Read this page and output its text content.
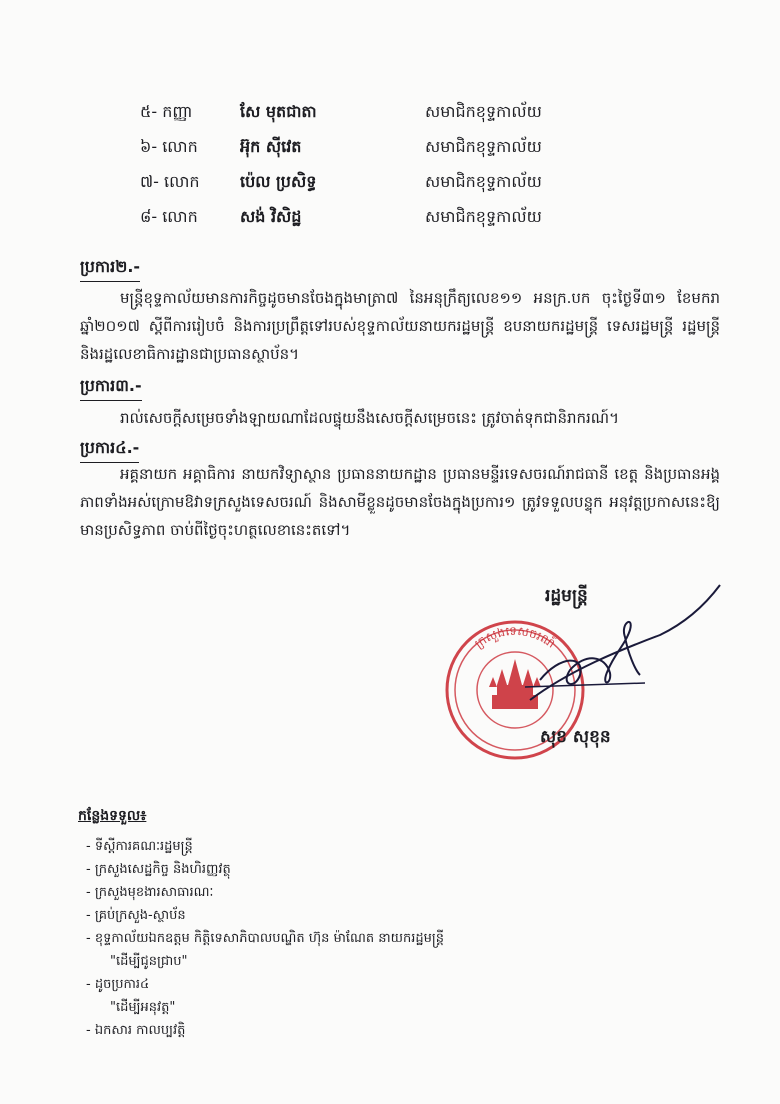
៥- កញ្ញា	សែ មុតជាតា	សមាជិកខុទ្ទកាល័យ
៦- លោក	អ៊ុក ស៊ីវេត	សមាជិកខុទ្ទកាល័យ
៧- លោក	ប៉េល ប្រសិទ្ធ	សមាជិកខុទ្ទកាល័យ
៨- លោក	សង់ វិសិដ្ឋ	សមាជិកខុទ្ទកាល័យ
ប្រការ២.-

មន្ត្រីខុទ្ទកាល័យមានការកិច្ចដូចមានចែងក្នុងមាត្រា៧ នៃអនុក្រឹត្យលេខ១១ អនក្រ.បក ចុះថ្ងៃទី៣១ ខែមករា ឆ្នាំ២០១៧ ស្តីពីការរៀបចំ និងការប្រព្រឹត្តទៅរបស់ខុទ្ទកាល័យនាយករដ្ឋមន្ត្រី ឧបនាយករដ្ឋមន្ត្រី ទេសរដ្ឋមន្ត្រី រដ្ឋមន្ត្រី និងរដ្ឋលេខាធិការដ្ឋានជាប្រធានស្ថាប័ន។

ប្រការ៣.-

រាល់សេចក្តីសម្រេចទាំងឡាយណាដែលផ្ទុយនឹងសេចក្តីសម្រេចនេះ ត្រូវចាត់ទុកជានិរាករណ៍។

ប្រការ៤.-

អគ្គនាយក អគ្គាធិការ នាយកវិទ្យាស្ថាន ប្រធាននាយកដ្ឋាន ប្រធានមន្ទីរទេសចរណ៍រាជធានី ខេត្ត និងប្រធានអង្គភាពទាំងអស់ក្រោមឱវាទក្រសួងទេសចរណ៍ និងសាមីខ្លួនដូចមានចែងក្នុងប្រការ១ ត្រូវទទួលបន្ទុក អនុវត្តប្រកាសនេះឱ្យមានប្រសិទ្ធភាព ចាប់ពីថ្ងៃចុះហត្ថលេខានេះតទៅ។

រដ្ឋមន្ត្រី
ក្រសួងទេសចរណ៍
សុខ សុខុន
កន្លែងទទួល៖
- ទីស្តីការគណៈរដ្ឋមន្ត្រី
- ក្រសួងសេដ្ឋកិច្ច និងហិរញ្ញវត្ថុ
- ក្រសួងមុខងារសាធារណៈ
- គ្រប់ក្រសួង-ស្ថាប័ន
- ខុទ្ទកាល័យឯកឧត្តម កិត្តិទេសាភិបាលបណ្ឌិត ហ៊ុន ម៉ាណែត នាយករដ្ឋមន្ត្រី
"ដើម្បីជូនជ្រាប"
- ដូចប្រការ៤
"ដើម្បីអនុវត្ត"
- ឯកសារ កាលប្បវត្តិ
